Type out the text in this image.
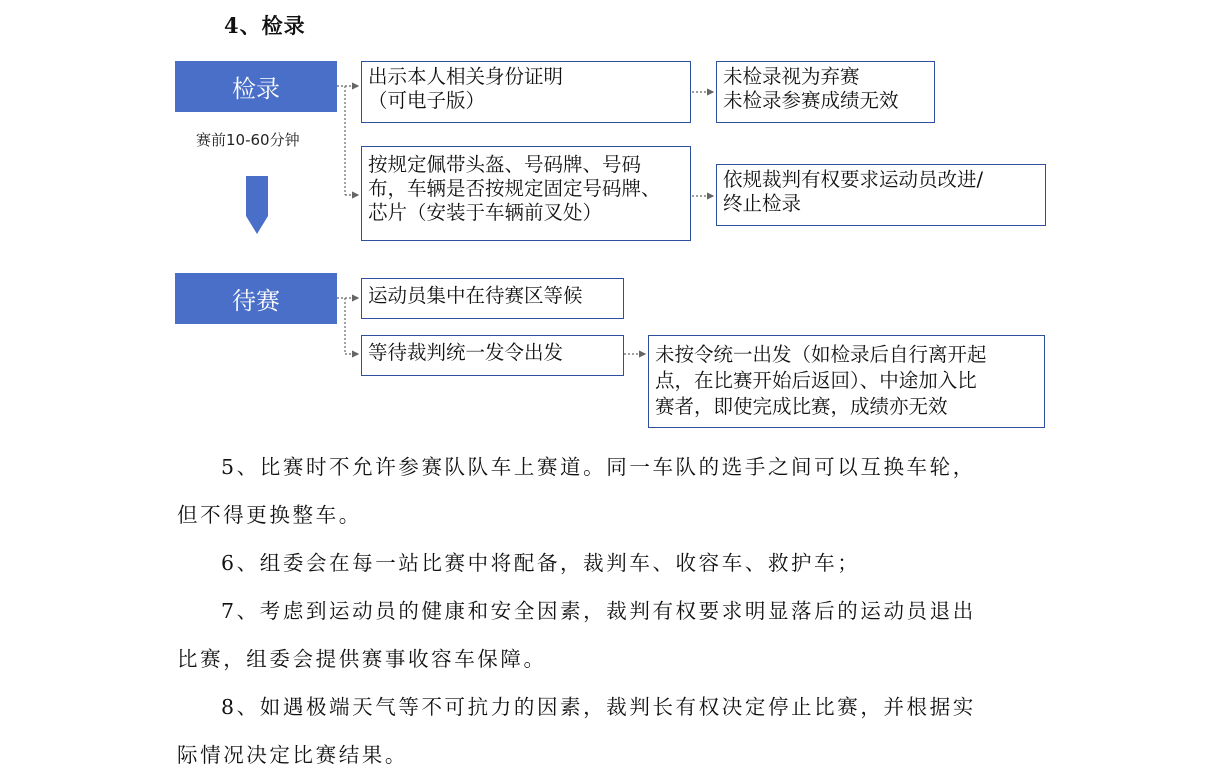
4、检录
检录
赛前10-60分钟
出示本人相关身份证明
（可电子版）
未检录视为弃赛
未检录参赛成绩无效
按规定佩带头盔、号码牌、号码
布，车辆是否按规定固定号码牌、
芯片（安装于车辆前叉处）
依规裁判有权要求运动员改进/
终止检录
待赛	运动员集中在待赛区等候
等待裁判统一发令出发	未按令统一出发（如检录后自行离开起
点，在比赛开始后返回）、中途加入比
赛者，即使完成比赛，成绩亦无效
5、比赛时不允许参赛队队车上赛道。同一车队的选手之间可以互换车轮，
但不得更换整车。
6、组委会在每一站比赛中将配备，裁判车、收容车、救护车；
7、考虑到运动员的健康和安全因素，裁判有权要求明显落后的运动员退出
比赛，组委会提供赛事收容车保障。
8、如遇极端天气等不可抗力的因素，裁判长有权决定停止比赛，并根据实
际情况决定比赛结果。
